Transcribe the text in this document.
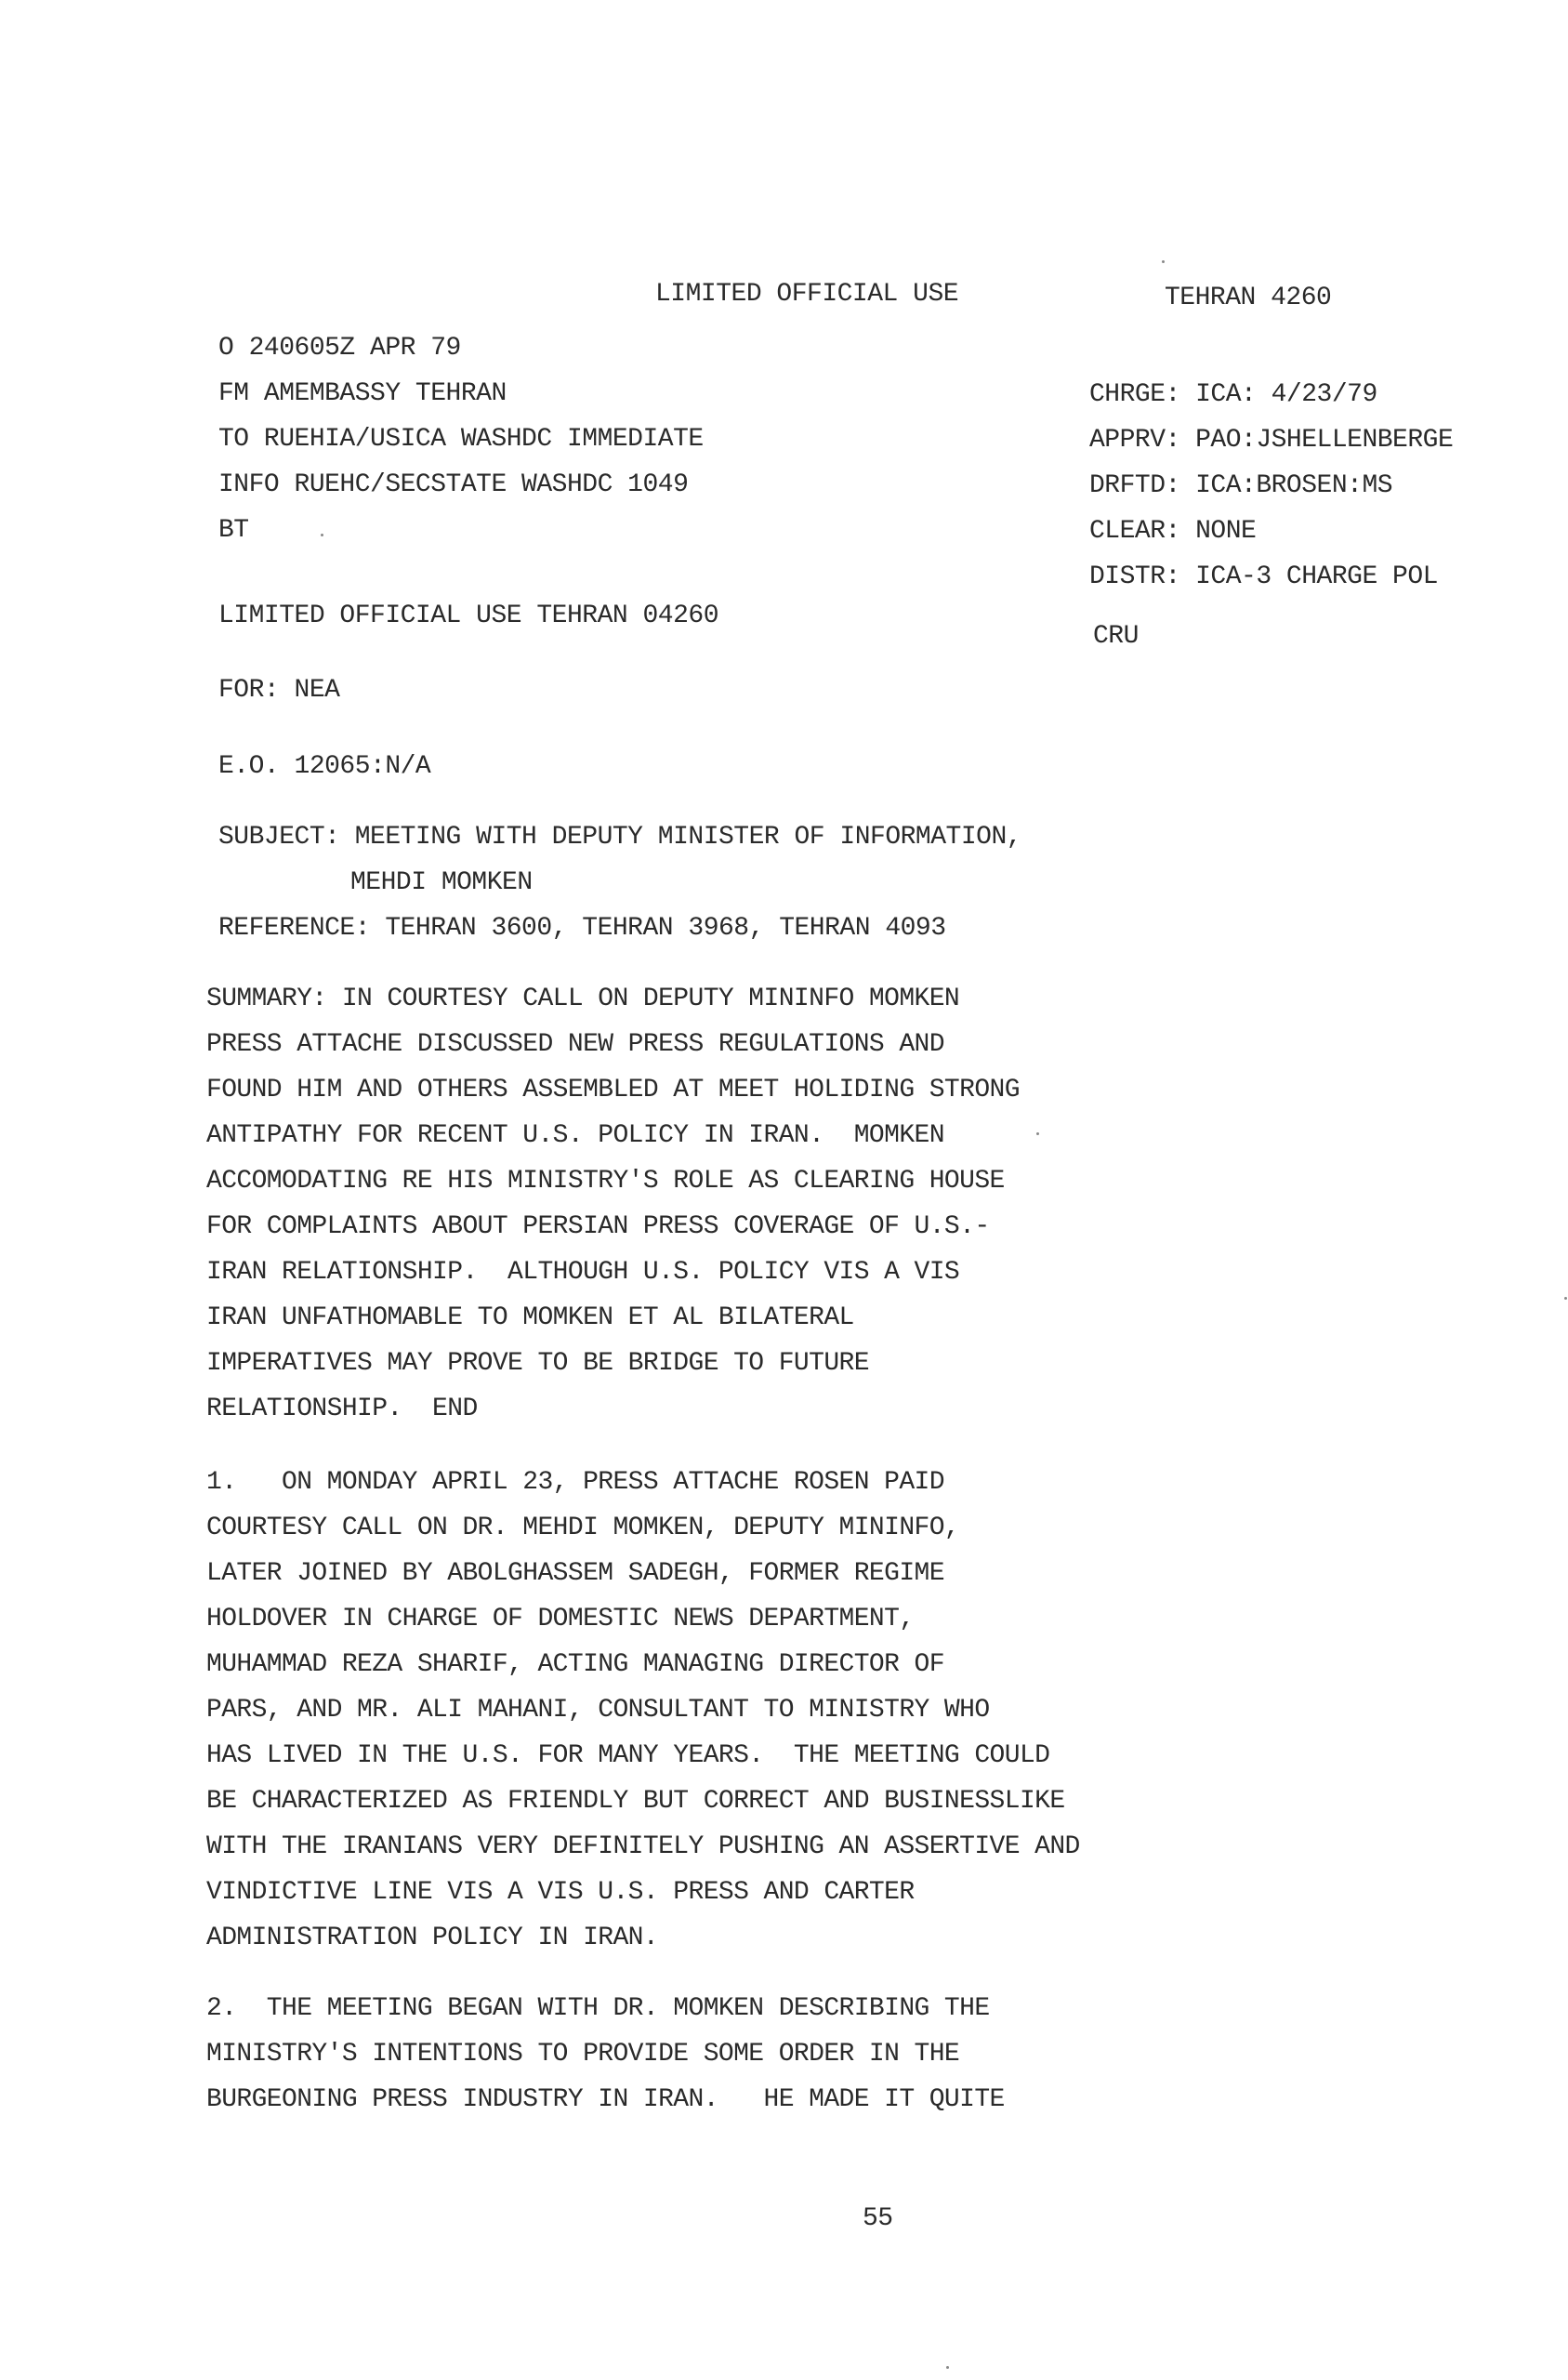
LIMITED OFFICIAL USE	TEHRAN 4260
O 240605Z APR 79
FM AMEMBASSY TEHRAN
TO RUEHIA/USICA WASHDC IMMEDIATE
INFO RUEHC/SECSTATE WASHDC 1049
BT
CHRGE: ICA: 4/23/79
APPRV: PAO:JSHELLENBERGE
DRFTD: ICA:BROSEN:MS
CLEAR: NONE
DISTR: ICA-3 CHARGE POL
CRU
LIMITED OFFICIAL USE TEHRAN 04260
FOR: NEA
E.O. 12065:N/A
SUBJECT: MEETING WITH DEPUTY MINISTER OF INFORMATION,
MEHDI MOMKEN
REFERENCE: TEHRAN 3600, TEHRAN 3968, TEHRAN 4093
SUMMARY: IN COURTESY CALL ON DEPUTY MININFO MOMKEN
PRESS ATTACHE DISCUSSED NEW PRESS REGULATIONS AND
FOUND HIM AND OTHERS ASSEMBLED AT MEET HOLIDING STRONG
ANTIPATHY FOR RECENT U.S. POLICY IN IRAN.  MOMKEN
ACCOMODATING RE HIS MINISTRY'S ROLE AS CLEARING HOUSE
FOR COMPLAINTS ABOUT PERSIAN PRESS COVERAGE OF U.S.-
IRAN RELATIONSHIP.  ALTHOUGH U.S. POLICY VIS A VIS
IRAN UNFATHOMABLE TO MOMKEN ET AL BILATERAL
IMPERATIVES MAY PROVE TO BE BRIDGE TO FUTURE
RELATIONSHIP.  END
1.   ON MONDAY APRIL 23, PRESS ATTACHE ROSEN PAID
COURTESY CALL ON DR. MEHDI MOMKEN, DEPUTY MININFO,
LATER JOINED BY ABOLGHASSEM SADEGH, FORMER REGIME
HOLDOVER IN CHARGE OF DOMESTIC NEWS DEPARTMENT,
MUHAMMAD REZA SHARIF, ACTING MANAGING DIRECTOR OF
PARS, AND MR. ALI MAHANI, CONSULTANT TO MINISTRY WHO
HAS LIVED IN THE U.S. FOR MANY YEARS.  THE MEETING COULD
BE CHARACTERIZED AS FRIENDLY BUT CORRECT AND BUSINESSLIKE
WITH THE IRANIANS VERY DEFINITELY PUSHING AN ASSERTIVE AND
VINDICTIVE LINE VIS A VIS U.S. PRESS AND CARTER
ADMINISTRATION POLICY IN IRAN.
2.  THE MEETING BEGAN WITH DR. MOMKEN DESCRIBING THE
MINISTRY'S INTENTIONS TO PROVIDE SOME ORDER IN THE
BURGEONING PRESS INDUSTRY IN IRAN.   HE MADE IT QUITE
55
